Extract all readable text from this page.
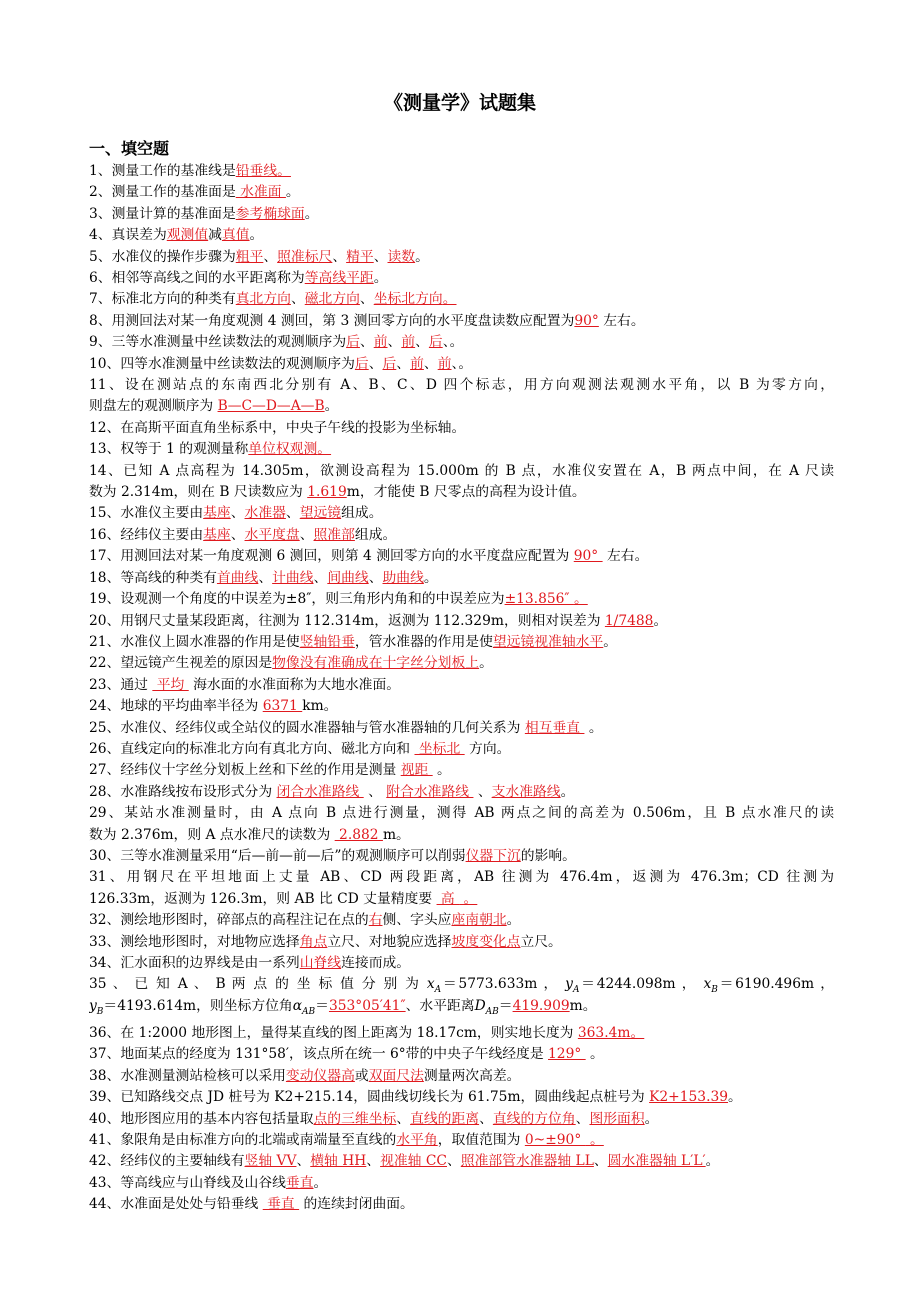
《测量学》试题集
一、填空题
1、测量工作的基准线是铅垂线。
2、测量工作的基准面是 水准面 。
3、测量计算的基准面是参考椭球面。
4、真误差为观测值减真值。
5、水准仪的操作步骤为粗平、照准标尺、精平、读数。
6、相邻等高线之间的水平距离称为等高线平距。
7、标准北方向的种类有真北方向、磁北方向、坐标北方向。
8、用测回法对某一角度观测 4 测回，第 3 测回零方向的水平度盘读数应配置为90° 左右。
9、三等水准测量中丝读数法的观测顺序为后、前、前、后、。
10、四等水准测量中丝读数法的观测顺序为后、后、前、前、。
11、设在测站点的东南西北分别有 A、B、C、D 四个标志，用方向观测法观测水平角，以 B 为零方向，
则盘左的观测顺序为 B—C—D—A—B。
12、在高斯平面直角坐标系中，中央子午线的投影为坐标轴。
13、权等于 1 的观测量称单位权观测。
14、已知 A 点高程为 14.305m，欲测设高程为 15.000m 的 B 点，水准仪安置在 A，B 两点中间，在 A 尺读
数为 2.314m，则在 B 尺读数应为 1.619m，才能使 B 尺零点的高程为设计值。
15、水准仪主要由基座、水准器、望远镜组成。
16、经纬仪主要由基座、水平度盘、照准部组成。
17、用测回法对某一角度观测 6 测回，则第 4 测回零方向的水平度盘应配置为 90°  左右。
18、等高线的种类有首曲线、计曲线、间曲线、助曲线。
19、设观测一个角度的中误差为±8″，则三角形内角和的中误差应为±13.856″ 。
20、用钢尺丈量某段距离，往测为 112.314m，返测为 112.329m，则相对误差为 1/7488。
21、水准仪上圆水准器的作用是使竖轴铅垂，管水准器的作用是使望远镜视准轴水平。
22、望远镜产生视差的原因是物像没有准确成在十字丝分划板上。
23、通过  平均  海水面的水准面称为大地水准面。
24、地球的平均曲率半径为 6371 km。
25、水准仪、经纬仪或全站仪的圆水准器轴与管水准器轴的几何关系为 相互垂直  。
26、直线定向的标准北方向有真北方向、磁北方向和  坐标北  方向。
27、经纬仪十字丝分划板上丝和下丝的作用是测量 视距  。
28、水准路线按布设形式分为 闭合水准路线  、 附合水准路线  、支水准路线。
29、某站水准测量时，由 A 点向 B 点进行测量，测得 AB 两点之间的高差为 0.506m，且 B 点水准尺的读
数为 2.376m，则 A 点水准尺的读数为  2.882 m。
30、三等水准测量采用“后—前—前—后”的观测顺序可以削弱仪器下沉的影响。
31、用钢尺在平坦地面上丈量 AB、CD 两段距离，AB 往测为 476.4m，返测为 476.3m；CD 往测为
126.33m，返测为 126.3m，则 AB 比 CD 丈量精度要  高  。
32、测绘地形图时，碎部点的高程注记在点的右侧、字头应座南朝北。
33、测绘地形图时，对地物应选择角点立尺、对地貌应选择坡度变化点立尺。
34、汇水面积的边界线是由一系列山脊线连接而成。
35 、 已 知 A 、 B 两 点 的 坐 标 值 分 别 为 $x_A=5773.633m$ ， $y_A=4244.098m$ ， $x_B=6190.496m$ ，
$y_B=4193.614m$，则坐标方位角$\alpha_{AB}=353^\circ 05'41''$、水平距离$D_{AB}=419.909m$。
36、在 1:2000 地形图上，量得某直线的图上距离为 18.17cm，则实地长度为 363.4m。
37、地面某点的经度为 131°58′，该点所在统一 6°带的中央子午线经度是 129°  。
38、水准测量测站检核可以采用变动仪器高或双面尺法测量两次高差。
39、已知路线交点 JD 桩号为 K2+215.14，圆曲线切线长为 61.75m，圆曲线起点桩号为 K2+153.39。
40、地形图应用的基本内容包括量取点的三维坐标、直线的距离、直线的方位角、图形面积。
41、象限角是由标准方向的北端或南端量至直线的水平角，取值范围为 0~±90°  。
42、经纬仪的主要轴线有竖轴 VV、横轴 HH、视准轴 CC、照准部管水准器轴 LL、圆水准器轴 L′L′。
43、等高线应与山脊线及山谷线垂直。
44、水准面是处处与铅垂线  垂直  的连续封闭曲面。
